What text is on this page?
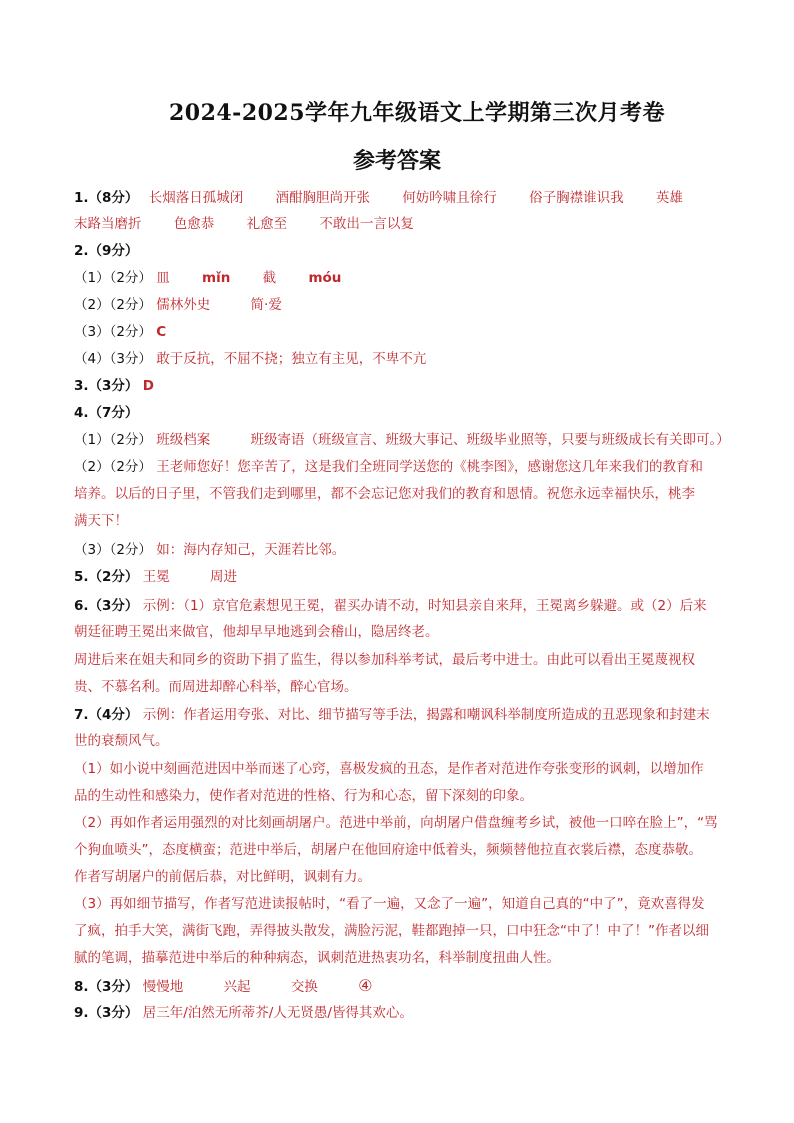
2024-2025学年九年级语文上学期第三次月考卷
参考答案
1.（8分） 长烟落日孤城闭 酒酣胸胆尚开张 何妨吟啸且徐行 俗子胸襟谁识我 英雄
末路当磨折 色愈恭 礼愈至 不敢出一言以复
2.（9分）
（1）（2分） 皿 mǐn 截 móu
（2）（2分） 儒林外史	简·爱
（3）（2分） C
（4）（3分） 敢于反抗，不屈不挠；独立有主见，不卑不亢
3.（3分） D
4.（7分）
（1）（2分） 班级档案	班级寄语（班级宣言、班级大事记、班级毕业照等，只要与班级成长有关即可。）
（2）（2分） 王老师您好！您辛苦了，这是我们全班同学送您的《桃李图》，感谢您这几年来我们的教育和
培养。以后的日子里，不管我们走到哪里，都不会忘记您对我们的教育和恩情。祝您永远幸福快乐，桃李
满天下！
（3）（2分） 如：海内存知己，天涯若比邻。
5.（2分） 王冕	周进
6.（3分） 示例：（1）京官危素想见王冕，翟买办请不动，时知县亲自来拜，王冕离乡躲避。或（2）后来
朝廷征聘王冕出来做官，他却早早地逃到会稽山，隐居终老。
周进后来在姐夫和同乡的资助下捐了监生，得以参加科举考试，最后考中进士。由此可以看出王冕蔑视权
贵、不慕名利。而周进却醉心科举，醉心官场。
7.（4分） 示例：作者运用夸张、对比、细节描写等手法，揭露和嘲讽科举制度所造成的丑恶现象和封建末
世的衰颓风气。
（1）如小说中刻画范进因中举而迷了心窍，喜极发疯的丑态，是作者对范进作夸张变形的讽刺，以增加作
品的生动性和感染力，使作者对范进的性格、行为和心态，留下深刻的印象。
（2）再如作者运用强烈的对比刻画胡屠户。范进中举前，向胡屠户借盘缠考乡试，被他一口啐在脸上”，“骂
个狗血喷头”，态度横蛮；范进中举后，胡屠户在他回府途中低着头，频频替他拉直衣裳后襟，态度恭敬。
作者写胡屠户的前倨后恭，对比鲜明，讽刺有力。
（3）再如细节描写，作者写范进读报帖时，“看了一遍，又念了一遍”，知道自己真的“中了”，竟欢喜得发
了疯，拍手大笑，满街飞跑，弄得披头散发，满脸污泥，鞋都跑掉一只，口中狂念“中了！中了！”作者以细
腻的笔调，描摹范进中举后的种种病态，讽刺范进热衷功名，科举制度扭曲人性。
8.（3分） 慢慢地	兴起	交换	④
9.（3分） 居三年/泊然无所蒂芥/人无贤愚/皆得其欢心。
